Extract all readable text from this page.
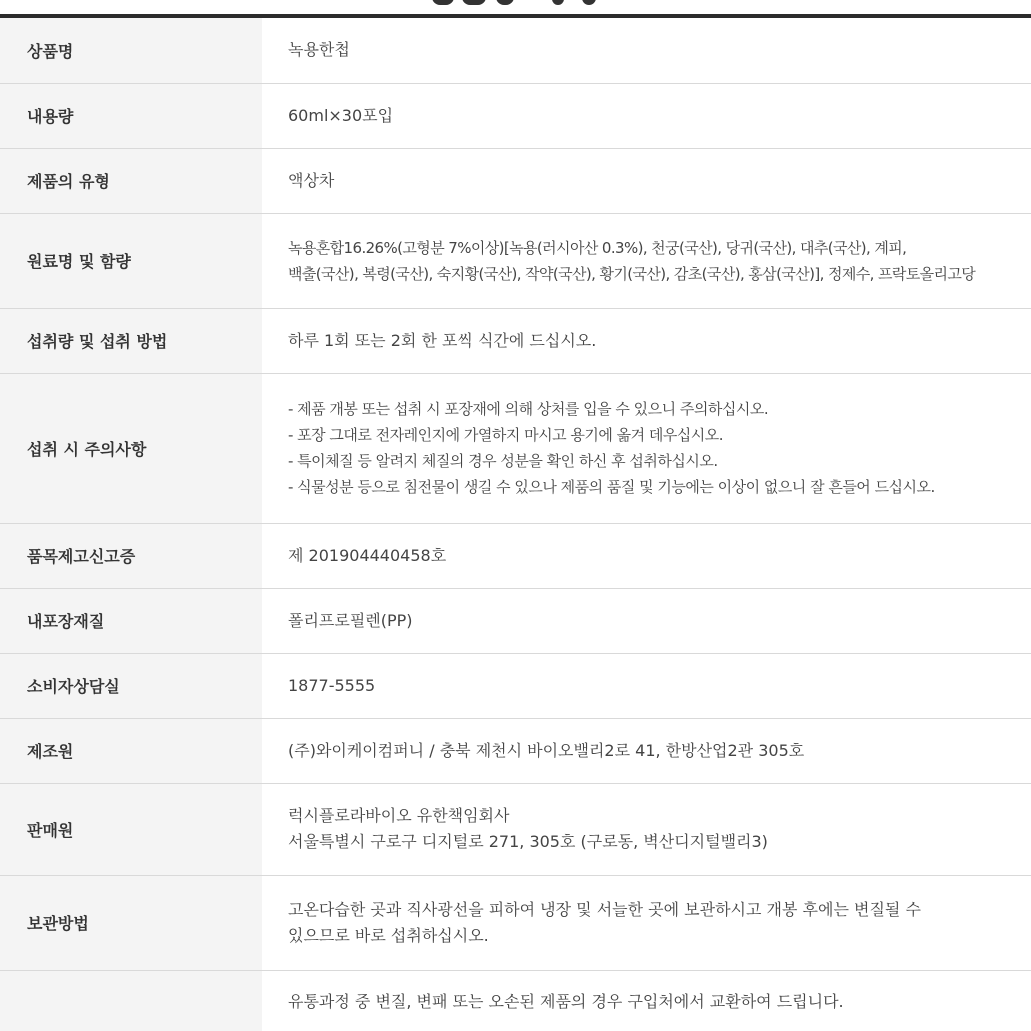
상품명	녹용한첩

내용량	60ml×30포입

제품의 유형	액상차

원료명 및 함량	녹용혼합16.26%(고형분 7%이상)[녹용(러시아산 0.3%), 천궁(국산), 당귀(국산), 대추(국산), 계피,
백출(국산), 복령(국산), 숙지황(국산), 작약(국산), 황기(국산), 감초(국산), 홍삼(국산)], 정제수, 프락토올리고당

섭취량 및 섭취 방법	하루 1회 또는 2회 한 포씩 식간에 드십시오.

섭취 시 주의사항	- 제품 개봉 또는 섭취 시 포장재에 의해 상처를 입을 수 있으니 주의하십시오.
- 포장 그대로 전자레인지에 가열하지 마시고 용기에 옮겨 데우십시오.
- 특이체질 등 알려지 체질의 경우 성분을 확인 하신 후 섭취하십시오.
- 식물성분 등으로 침전물이 생길 수 있으나 제품의 품질 및 기능에는 이상이 없으니 잘 흔들어 드십시오.

품목제고신고증	제 201904440458호

내포장재질	폴리프로필렌(PP)

소비자상담실	1877-5555

제조원	(주)와이케이컴퍼니 / 충북 제천시 바이오밸리2로 41, 한방산업2관 305호

판매원	럭시플로라바이오 유한책임회사
서울특별시 구로구 디지털로 271, 305호 (구로동, 벽산디지털밸리3)

보관방법	고온다습한 곳과 직사광선을 피하여 냉장 및 서늘한 곳에 보관하시고 개봉 후에는 변질될 수
있으므로 바로 섭취하십시오.

	유통과정 중 변질, 변패 또는 오손된 제품의 경우 구입처에서 교환하여 드립니다.
